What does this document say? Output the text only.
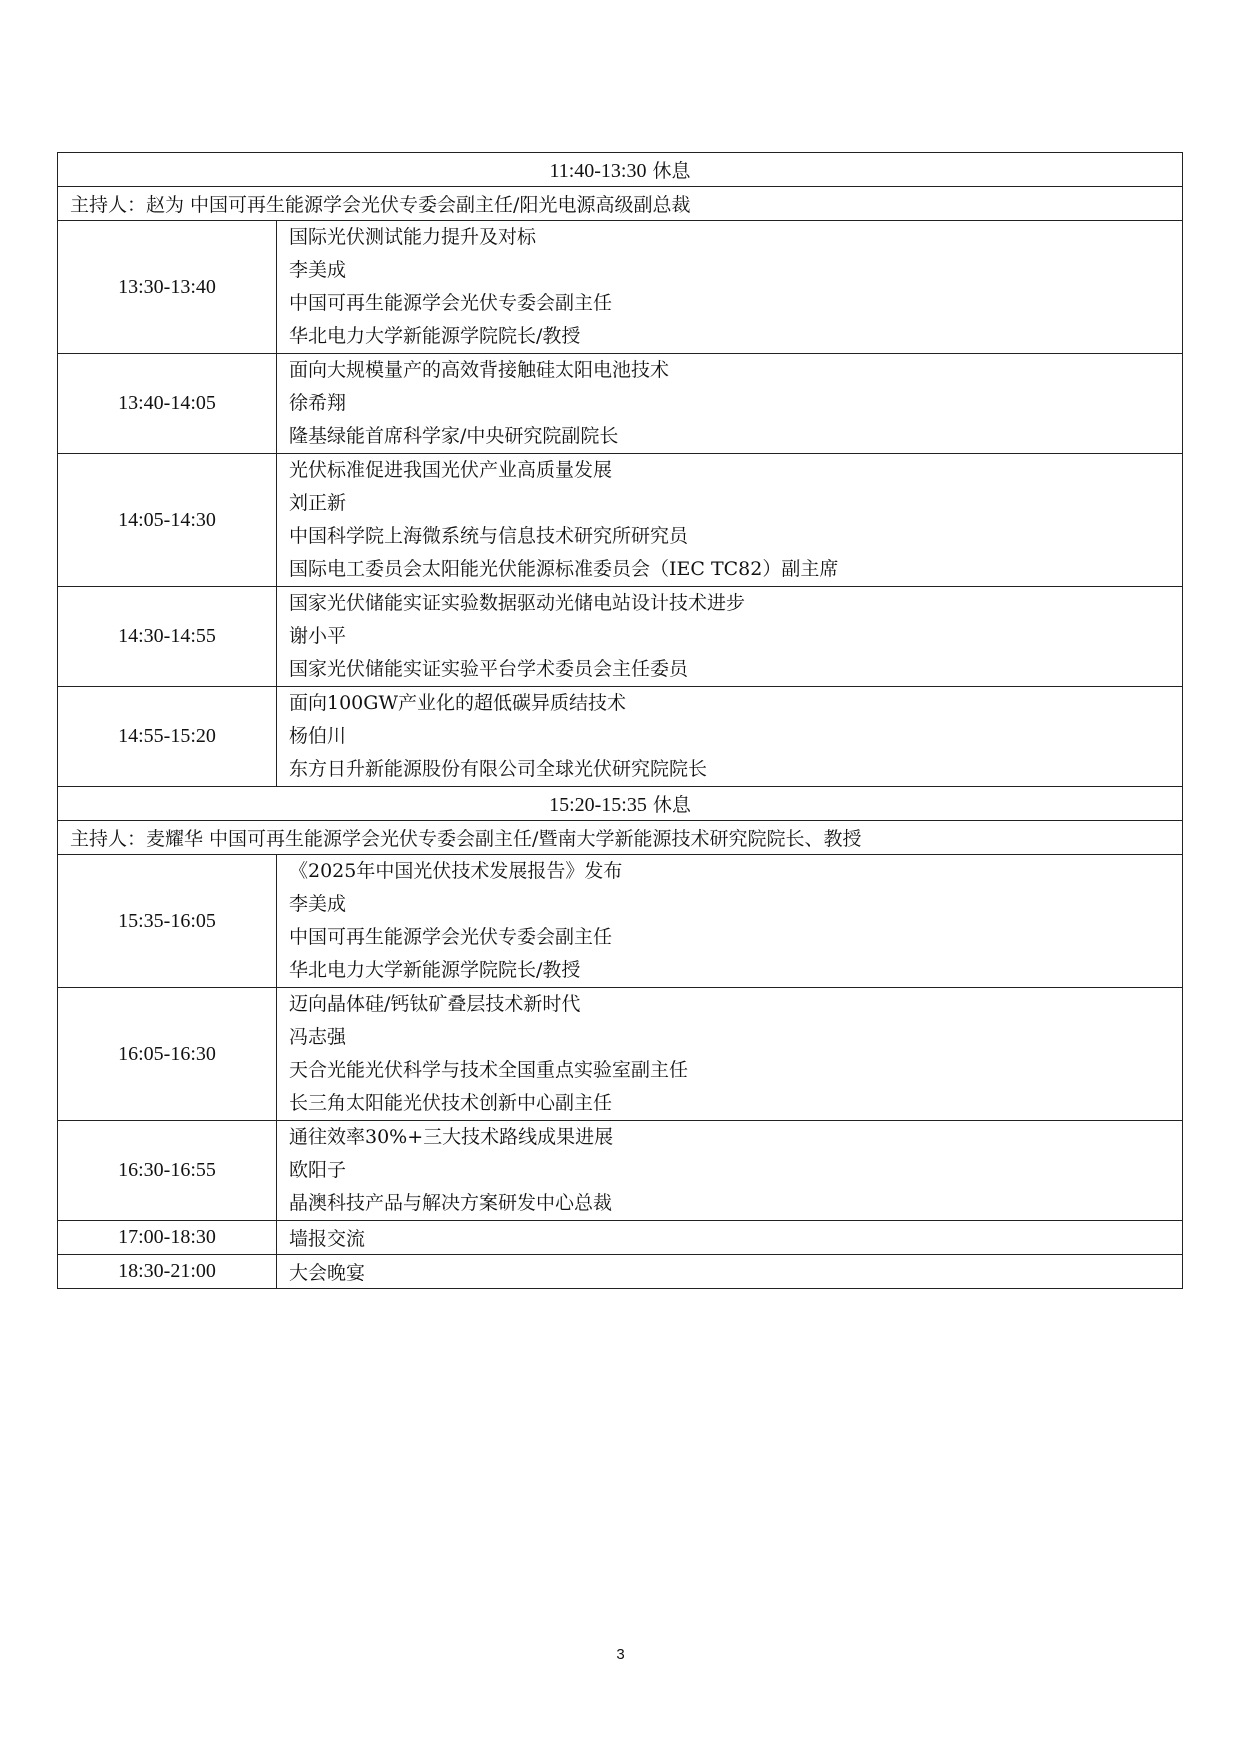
11:40-13:30 休息	
主持人：赵为 中国可再生能源学会光伏专委会副主任/阳光电源高级副总裁	
13:30-13:40	国际光伏测试能力提升及对标
李美成
中国可再生能源学会光伏专委会副主任
华北电力大学新能源学院院长/教授

13:40-14:05	面向大规模量产的高效背接触硅太阳电池技术
徐希翔
隆基绿能首席科学家/中央研究院副院长

14:05-14:30	光伏标准促进我国光伏产业高质量发展
刘正新
中国科学院上海微系统与信息技术研究所研究员
国际电工委员会太阳能光伏能源标准委员会（IEC TC82）副主席

14:30-14:55	国家光伏储能实证实验数据驱动光储电站设计技术进步
谢小平
国家光伏储能实证实验平台学术委员会主任委员

14:55-15:20	面向100GW产业化的超低碳异质结技术
杨伯川
东方日升新能源股份有限公司全球光伏研究院院长

15:20-15:35 休息	
主持人：麦耀华 中国可再生能源学会光伏专委会副主任/暨南大学新能源技术研究院院长、教授	
15:35-16:05	《2025年中国光伏技术发展报告》发布
李美成
中国可再生能源学会光伏专委会副主任
华北电力大学新能源学院院长/教授

16:05-16:30	迈向晶体硅/钙钛矿叠层技术新时代
冯志强
天合光能光伏科学与技术全国重点实验室副主任
长三角太阳能光伏技术创新中心副主任

16:30-16:55	通往效率30%+三大技术路线成果进展
欧阳子
晶澳科技产品与解决方案研发中心总裁

17:00-18:30	墙报交流
18:30-21:00	大会晚宴
3
